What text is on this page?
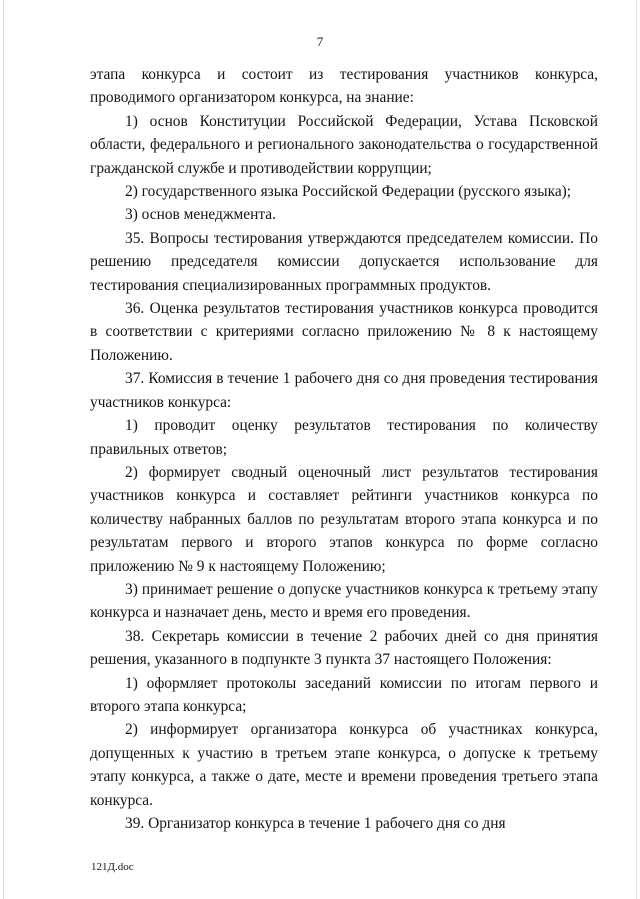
7

этапа конкурса и состоит из тестирования участников конкурса, проводимого организатором конкурса, на знание:

1) основ Конституции Российской Федерации, Устава Псковской области, федерального и регионального законодательства о государственной гражданской службе и противодействии коррупции;

2) государственного языка Российской Федерации (русского языка);

3) основ менеджмента.

35. Вопросы тестирования утверждаются председателем комиссии. По решению председателя комиссии допускается использование для тестирования специализированных программных продуктов.

36. Оценка результатов тестирования участников конкурса проводится в соответствии с критериями согласно приложению № 8 к настоящему Положению.

37. Комиссия в течение 1 рабочего дня со дня проведения тестирования участников конкурса:

1) проводит оценку результатов тестирования по количеству правильных ответов;

2) формирует сводный оценочный лист результатов тестирования участников конкурса и составляет рейтинги участников конкурса по количеству набранных баллов по результатам второго этапа конкурса и по результатам первого и второго этапов конкурса по форме согласно приложению № 9 к настоящему Положению;

3) принимает решение о допуске участников конкурса к третьему этапу конкурса и назначает день, место и время его проведения.

38. Секретарь комиссии в течение 2 рабочих дней со дня принятия решения, указанного в подпункте 3 пункта 37 настоящего Положения:

1) оформляет протоколы заседаний комиссии по итогам первого и второго этапа конкурса;

2) информирует организатора конкурса об участниках конкурса, допущенных к участию в третьем этапе конкурса, о допуске к третьему этапу конкурса, а также о дате, месте и времени проведения третьего этапа конкурса.

39. Организатор конкурса в течение 1 рабочего дня со дня

121Д.doc
